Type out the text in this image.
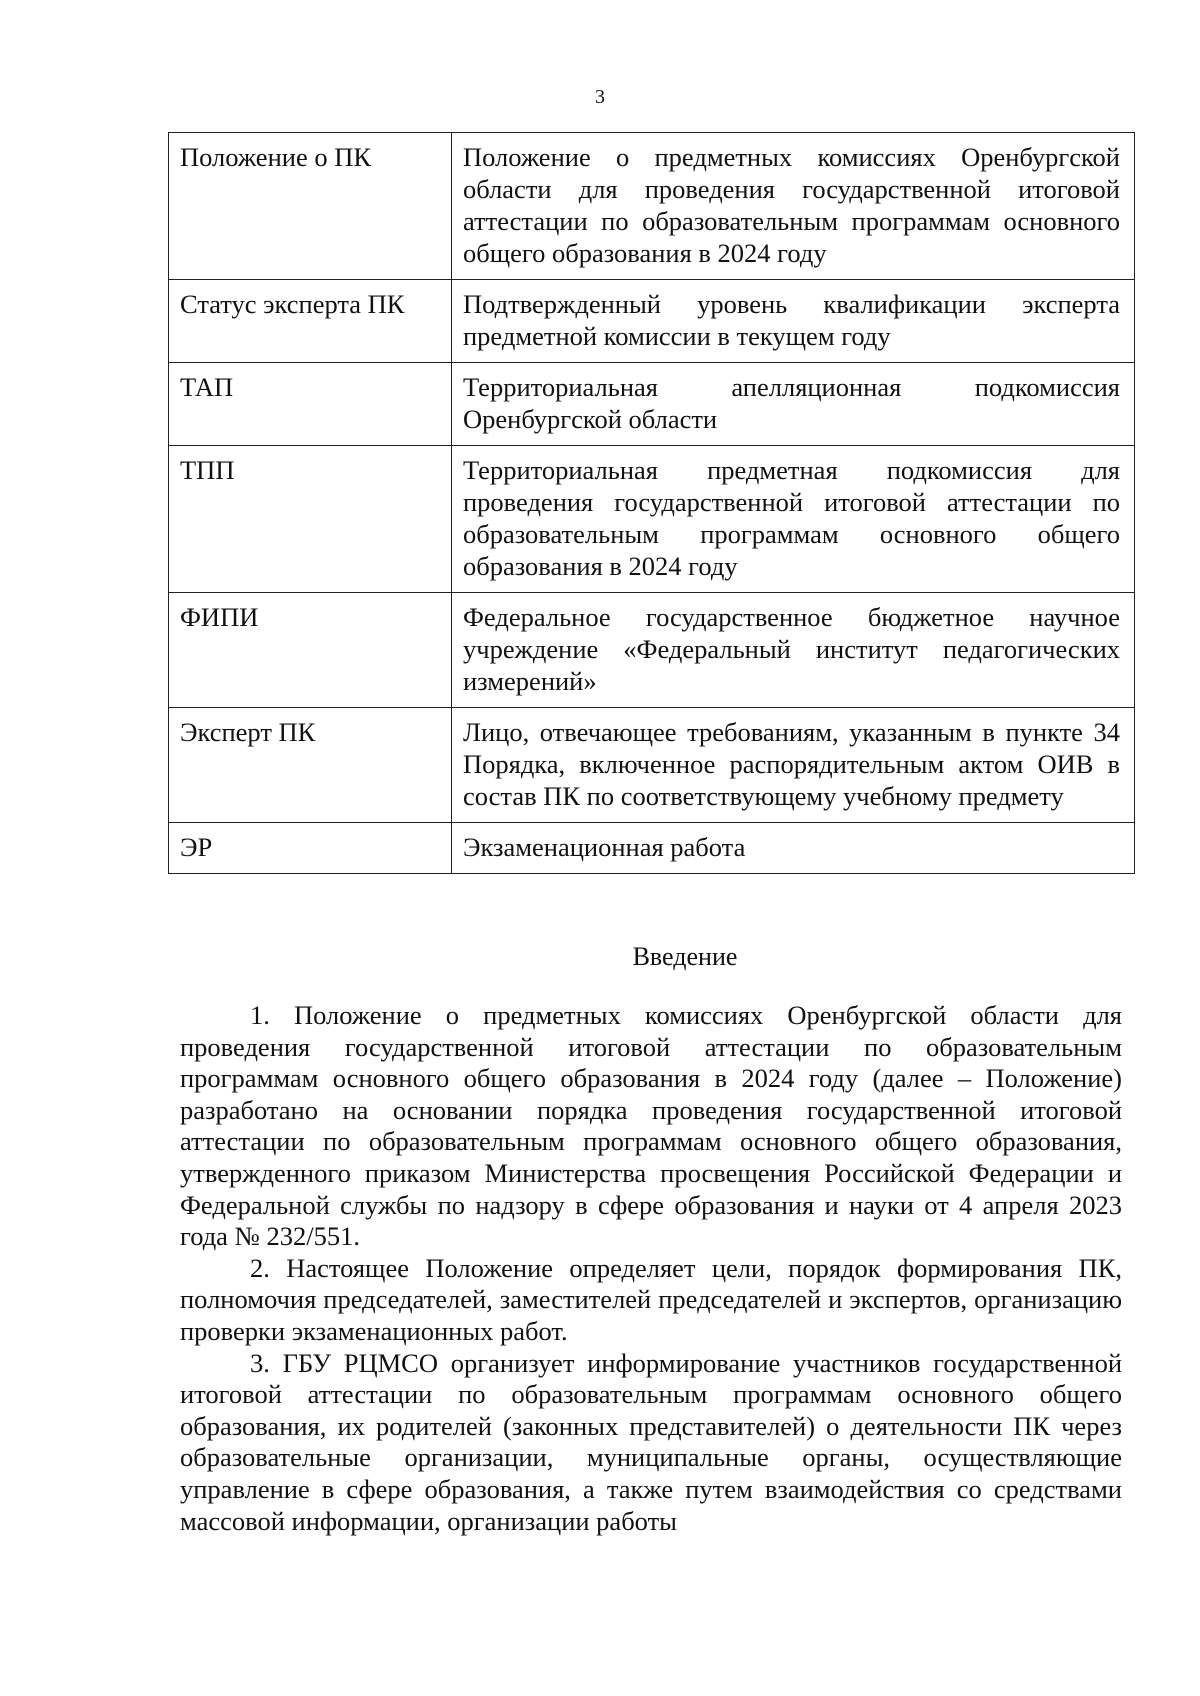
3
Положение о ПК	Положение о предметных комиссиях Оренбургской области для проведения государственной итоговой аттестации по образовательным программам основного общего образования в 2024 году
Статус эксперта ПК	Подтвержденный уровень квалификации эксперта предметной комиссии в текущем году
ТАП	Территориальная апелляционная подкомиссия Оренбургской области
ТПП	Территориальная предметная подкомиссия для проведения государственной итоговой аттестации по образовательным программам основного общего образования в 2024 году
ФИПИ	Федеральное государственное бюджетное научное учреждение «Федеральный институт педагогических измерений»
Эксперт ПК	Лицо, отвечающее требованиям, указанным в пункте 34 Порядка, включенное распорядительным актом ОИВ в состав ПК по соответствующему учебному предмету
ЭР	Экзаменационная работа
Введение

1. Положение о предметных комиссиях Оренбургской области для проведения государственной итоговой аттестации по образовательным программам основного общего образования в 2024 году (далее – Положение) разработано на основании порядка проведения государственной итоговой аттестации по образовательным программам основного общего образования, утвержденного приказом Министерства просвещения Российской Федерации и Федеральной службы по надзору в сфере образования и науки от 4 апреля 2023 года № 232/551.

2. Настоящее Положение определяет цели, порядок формирования ПК, полномочия председателей, заместителей председателей и экспертов, организацию проверки экзаменационных работ.

3. ГБУ РЦМСО организует информирование участников государственной итоговой аттестации по образовательным программам основного общего образования, их родителей (законных представителей) о деятельности ПК через образовательные организации, муниципальные органы, осуществляющие управление в сфере образования, а также путем взаимодействия со средствами массовой информации, организации работы
